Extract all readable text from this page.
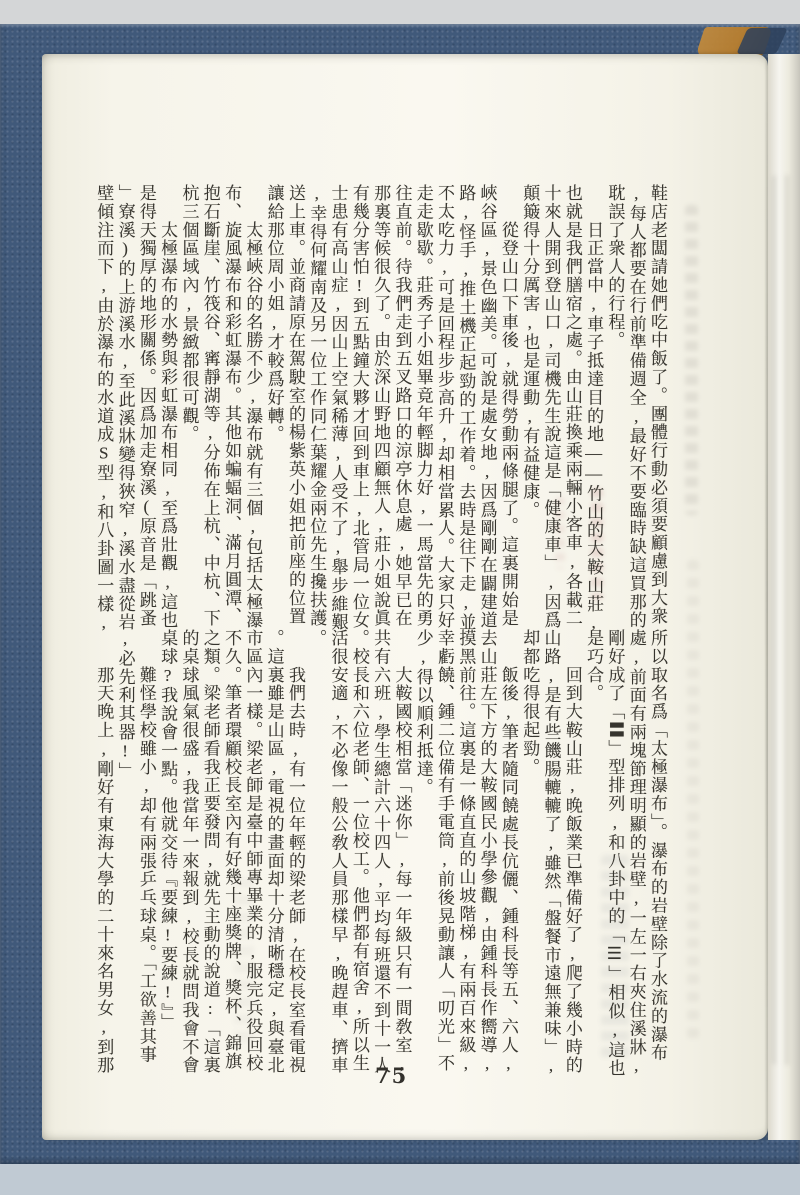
鞋店老闆請她們吃中飯了。團體行動必須要顧慮到大衆
,每人都要在行前準備週全,最好不要臨時缺這買那的
耽誤了衆人的行程。
　　日正當中,車子抵達目的地——竹山的大鞍山莊,
也就是我們膳宿之處。由山莊換乘兩輛小客車,各載二
十來人開到登山口,司機先生說這是「健康車」,因爲
顛簸得十分厲害,也是運動,有益健康。
　　從登山口下車後,就得勞動兩條腿了。這裏開始是
峽谷區,景色幽美。可說是處女地,因爲剛剛在闢建道
路,怪手,推土機正起勁的工作着。去時是往下走,並
不太吃力,可是回程步步高升,却相當累人。大家只好
走走歇歇。莊秀子小姐畢竟年輕脚力好,一馬當先的勇
往直前。待我們走到五叉路口的涼亭休息處,她早已在
那裏等候很久了。由於深山野地四顧無人,莊小姐說眞
有幾分害怕!到五點鐘大夥才回到車上,北管局一位女
士患有高山症,因山上空氣稀薄,人受不了,舉步維艱
,幸得何耀南及另一位工作同仁葉耀金兩位先生攙扶護
送上車。並商請原在駕駛室的楊紫英小姐把前座的位置
讓給那位周小姐,才較爲好轉。
　　太極峽谷的名勝不少,瀑布就有三個,包括太極瀑
布、旋風瀑布和彩虹瀑布。其他如蝙蝠洞、滿月圓潭、
抱石斷崖、竹筏谷、寗靜湖等,分佈在上杭、中杭、下
杭三個區域內,景緻都很可觀。
　　太極瀑布的水勢與彩虹瀑布相同,至爲壯觀,這也
是得天獨厚的地形關係。因爲加走寮溪(原音是「跳蚤
」寮溪)的上游溪水,至此溪牀變得狹窄,溪水盡從岩
壁傾注而下,由於瀑布的水道成S型,和八卦圖一樣,
所以取名爲「太極瀑布」。瀑布的岩壁除了水流的瀑布
處,前面有兩塊節理明顯的岩壁,一左一右夾住溪牀,
剛好成了「〓」型排列,和八卦中的「☰」相似,這也
是巧合。
　　回到大鞍山莊,晚飯業已準備好了,爬了幾小時的
山路,是有些饑腸轆轆了,雖然「盤餐市遠無兼味」,
却都吃得很起勁。
　　飯後,筆者隨同饒處長伉儷、鍾科長等五、六人,
去山莊左下方的大鞍國民小學參觀,由鍾科長作嚮導,
摸黑前往。這裏是一條直直的山坡階梯,有兩百來級,
幸虧饒、鍾二位備有手電筒,前後晃動讓人「叨光」不
少,得以順利抵達。
　　大鞍國校相當「迷你」,每一年級只有一間敎室,
共有六班,學生總計六十四人,平均每班還不到十一人
。校長和六位老師、一位校工。他們都有宿舍,所以生
活很安適,不必像一般公敎人員那樣早,晚趕車、擠車
。
　　我們去時,有一位年輕的梁老師,在校長室看電視
。這裏雖是山區,電視的畫面却十分清晰穩定,與臺北
市區內一樣。梁老師是臺中師專畢業的,服完兵役回校
不久。筆者環顧校長室內有好幾十座獎牌、獎杯、錦旗
之類。梁老師看我正要發問,就先主動的說道:「這裏
的桌球風氣很盛,我當年一來報到,校長就問我會不會
桌球?我說會一點。他就交待『要練!要練!』」
　　難怪學校雖小,却有兩張乒乓球桌。「工欲善其事
,必先利其器!」
　　那天晚上,剛好有東海大學的二十來名男女,到那
75
